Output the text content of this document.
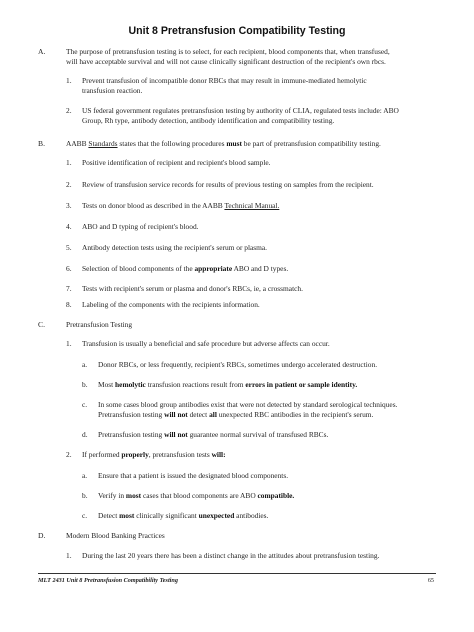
Unit 8 Pretransfusion Compatibility Testing
A.	The purpose of pretransfusion testing is to select, for each recipient, blood components that, when transfused,
will have acceptable survival and will not cause clinically significant destruction of the recipient's own rbcs.
1. Prevent transfusion of incompatible donor RBCs that may result in immune-mediated hemolytic
transfusion reaction.
2. US federal government regulates pretransfusion testing by authority of CLIA, regulated tests include: ABO
Group, Rh type, antibody detection, antibody identification and compatibility testing.
B.	AABB Standards states that the following procedures must be part of pretransfusion compatibility testing.
1. Positive identification of recipient and recipient's blood sample.
2. Review of transfusion service records for results of previous testing on samples from the recipient.
3. Tests on donor blood as described in the AABB Technical Manual.
4. ABO and D typing of recipient's blood.
5. Antibody detection tests using the recipient's serum or plasma.
6. Selection of blood components of the appropriate ABO and D types.
7. Tests with recipient's serum or plasma and donor's RBCs, ie, a crossmatch.
8. Labeling of the components with the recipients information.
C.	Pretransfusion Testing
1. Transfusion is usually a beneficial and safe procedure but adverse affects can occur.
a. Donor RBCs, or less frequently, recipient's RBCs, sometimes undergo accelerated destruction.
b. Most hemolytic transfusion reactions result from errors in patient or sample identity.
c. In some cases blood group antibodies exist that were not detected by standard serological techniques.
Pretransfusion testing will not detect all unexpected RBC antibodies in the recipient's serum.
d. Pretransfusion testing will not guarantee normal survival of transfused RBCs.
2. If performed properly, pretransfusion tests will:
a. Ensure that a patient is issued the designated blood components.
b. Verify in most cases that blood components are ABO compatible.
c. Detect most clinically significant unexpected antibodies.
D.	Modern Blood Banking Practices
1. During the last 20 years there has been a distinct change in the attitudes about pretransfusion testing.
MLT 2431 Unit 8 Pretransfusion Compatibility Testing	65
